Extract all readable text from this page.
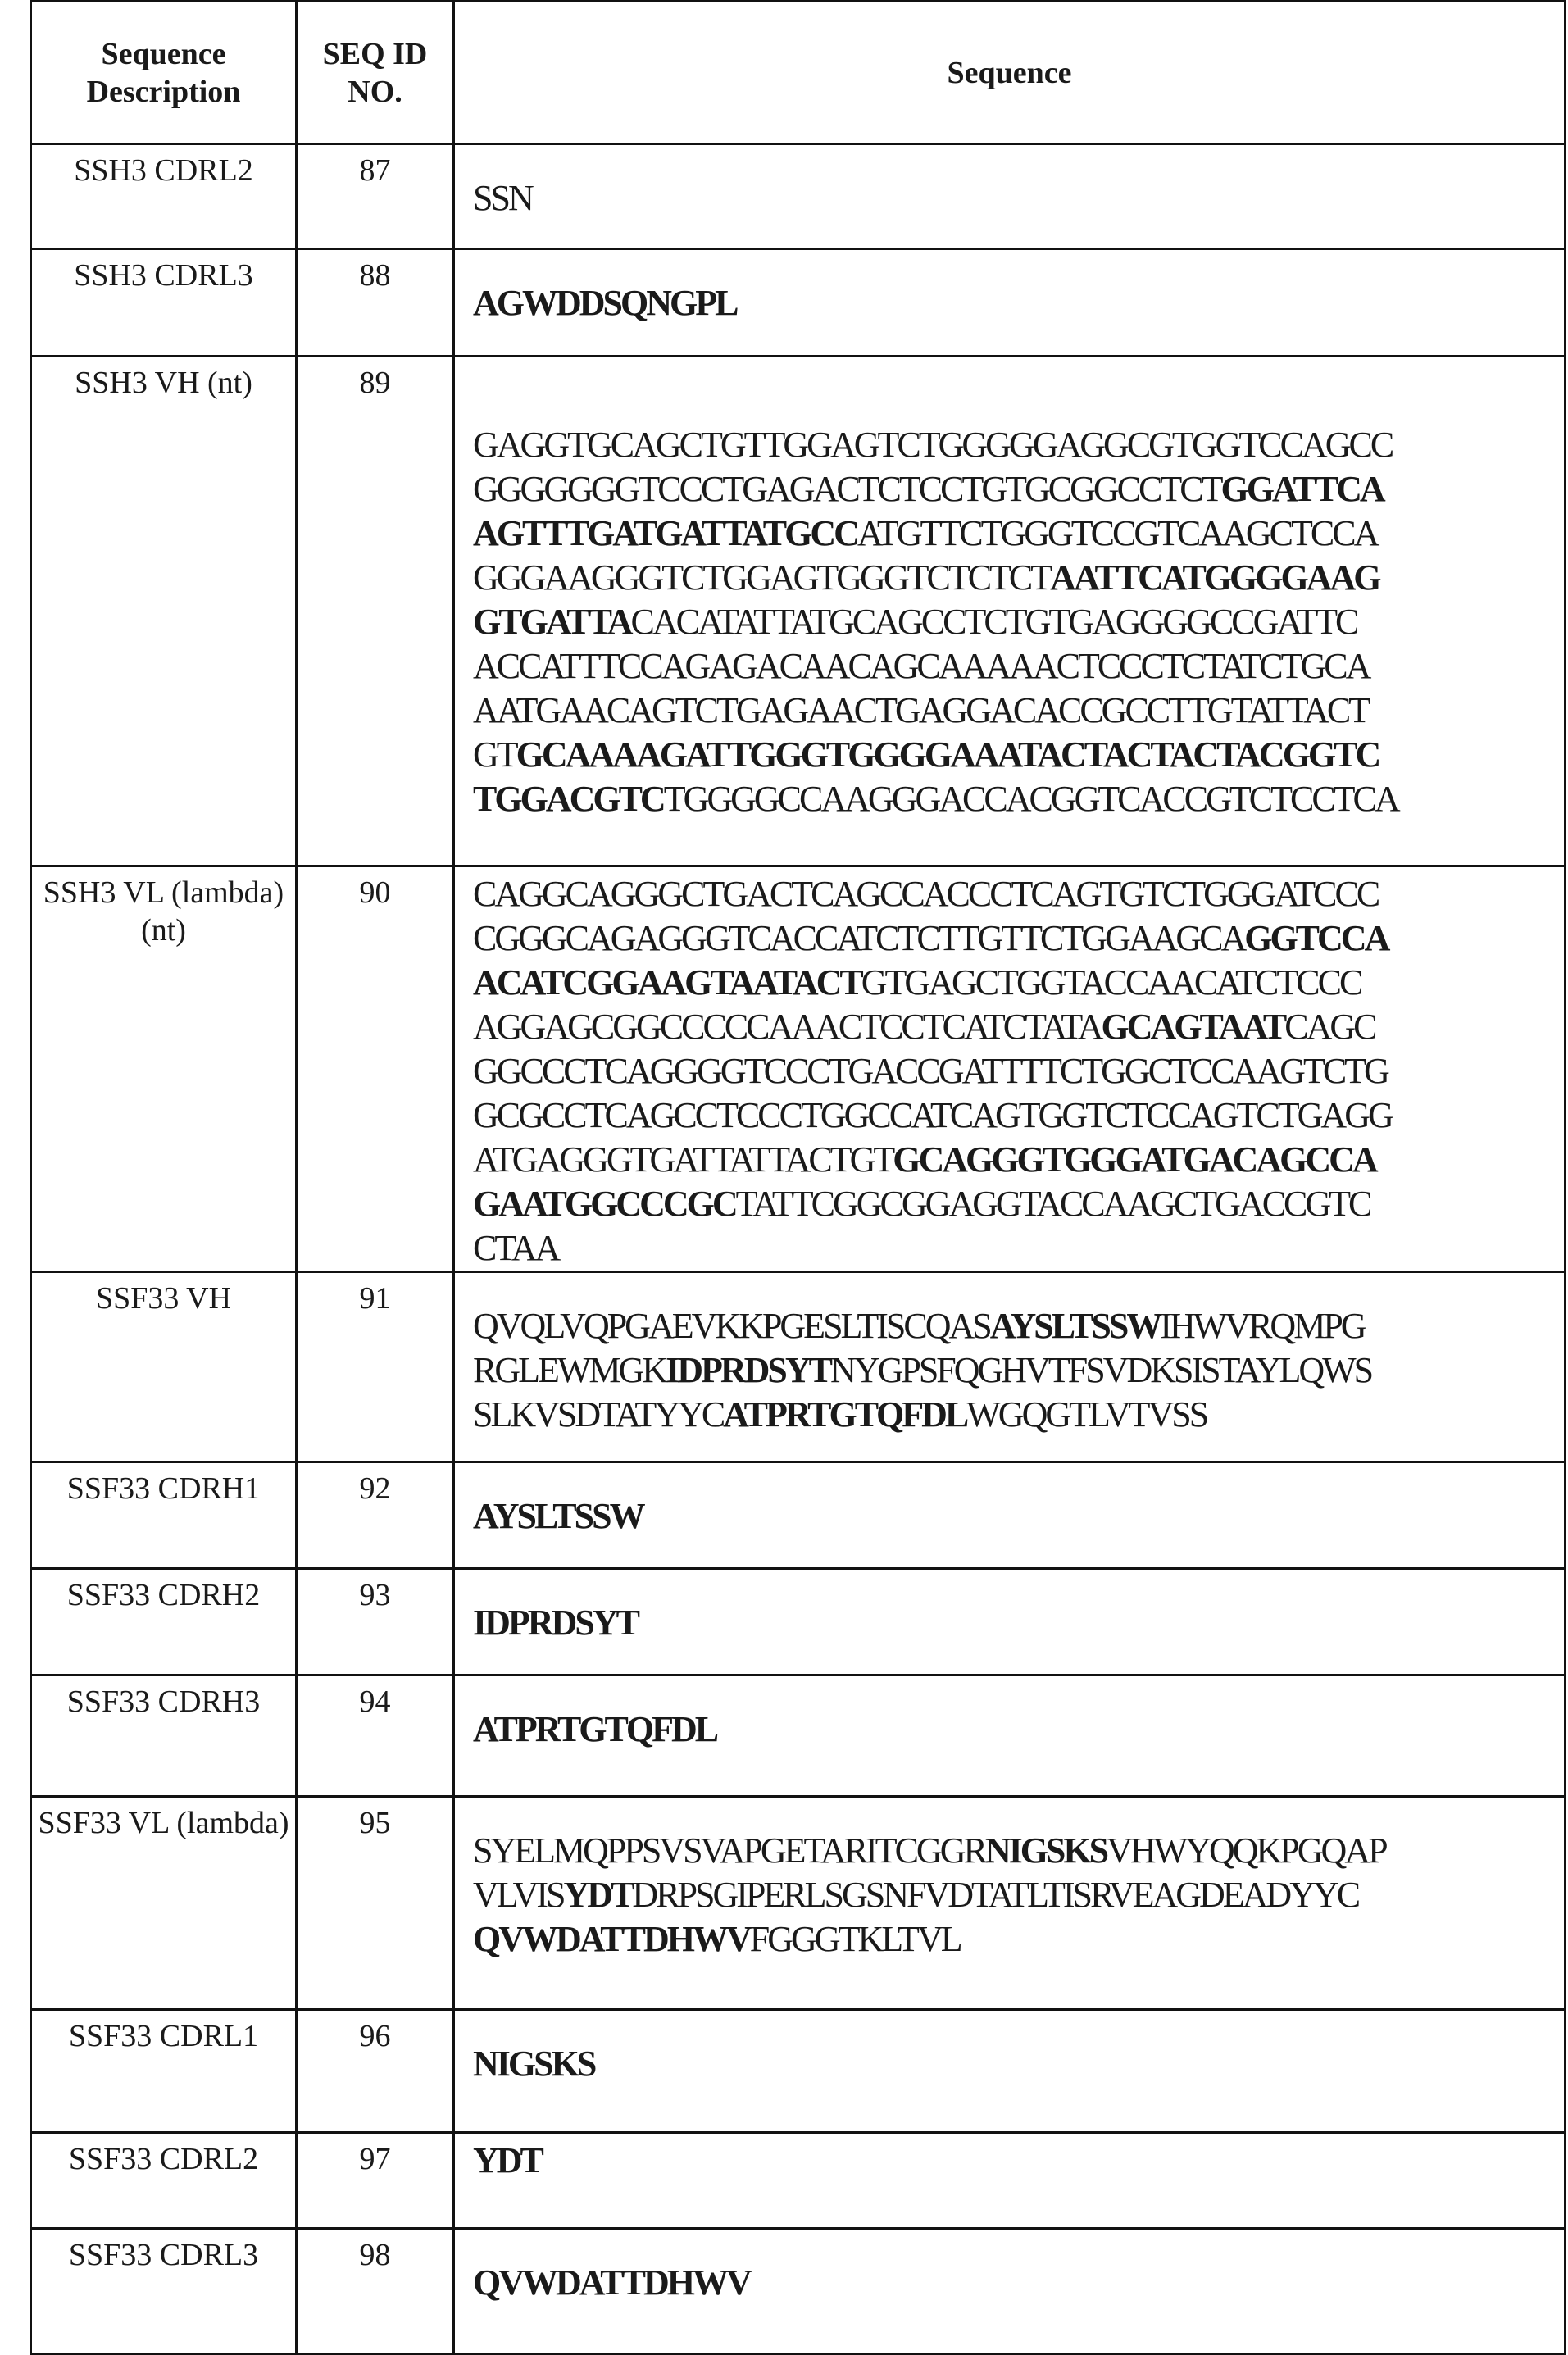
Sequence Description	SEQ ID NO.	Sequence
SSH3 CDRL2	87	
SSN

SSH3 CDRL3	88	
AGWDDSQNGPL

SSH3 VH (nt)	89	
GAGGTGCAGCTGTTGGAGTCTGGGGGAGGCGTGGTCCAGCC
GGGGGGGTCCCTGAGACTCTCCTGTGCGGCCTCTGGATTCA
AGTTTGATGATTATGCCATGTTCTGGGTCCGTCAAGCTCCA
GGGAAGGGTCTGGAGTGGGTCTCTCTAATTCATGGGGAAG
GTGATTACACATATTATGCAGCCTCTGTGAGGGGCCGATTC
ACCATTTCCAGAGACAACAGCAAAAACTCCCTCTATCTGCA
AATGAACAGTCTGAGAACTGAGGACACCGCCTTGTATTACT
GTGCAAAAGATTGGGTGGGGAAATACTACTACTACGGTC
TGGACGTCTGGGGCCAAGGGACCACGGTCACCGTCTCCTCA

SSH3 VL (lambda) (nt)	90	CAGGCAGGGCTGACTCAGCCACCCTCAGTGTCTGGGATCCC
CGGGCAGAGGGTCACCATCTCTTGTTCTGGAAGCAGGTCCA
ACATCGGAAGTAATACTGTGAGCTGGTACCAACATCTCCC
AGGAGCGGCCCCCAAACTCCTCATCTATAGCAGTAATCAGC
GGCCCTCAGGGGTCCCTGACCGATTTTCTGGCTCCAAGTCTG
GCGCCTCAGCCTCCCTGGCCATCAGTGGTCTCCAGTCTGAGG
ATGAGGGTGATTATTACTGTGCAGGGTGGGATGACAGCCA
GAATGGCCCGCTATTCGGCGGAGGTACCAAGCTGACCGTC
CTAA

SSF33 VH	91	
QVQLVQPGAEVKKPGESLTISCQASAYSLTSSWIHWVRQMPG
RGLEWMGKIDPRDSYTNYGPSFQGHVTFSVDKSISTAYLQWS
SLKVSDTATYYCATPRTGTQFDLWGQGTLVTVSS

SSF33 CDRH1	92	
AYSLTSSW

SSF33 CDRH2	93	
IDPRDSYT

SSF33 CDRH3	94	
ATPRTGTQFDL

SSF33 VL (lambda)	95	
SYELMQPPSVSVAPGETARITCGGRNIGSKSVHWYQQKPGQAP
VLVISYDTDRPSGIPERLSGSNFVDTATLTISRVEAGDEADYYC
QVWDATTDHWVFGGGTKLTVL

SSF33 CDRL1	96	
NIGSKS

SSF33 CDRL2	97	YDT

SSF33 CDRL3	98	
QVWDATTDHWV
